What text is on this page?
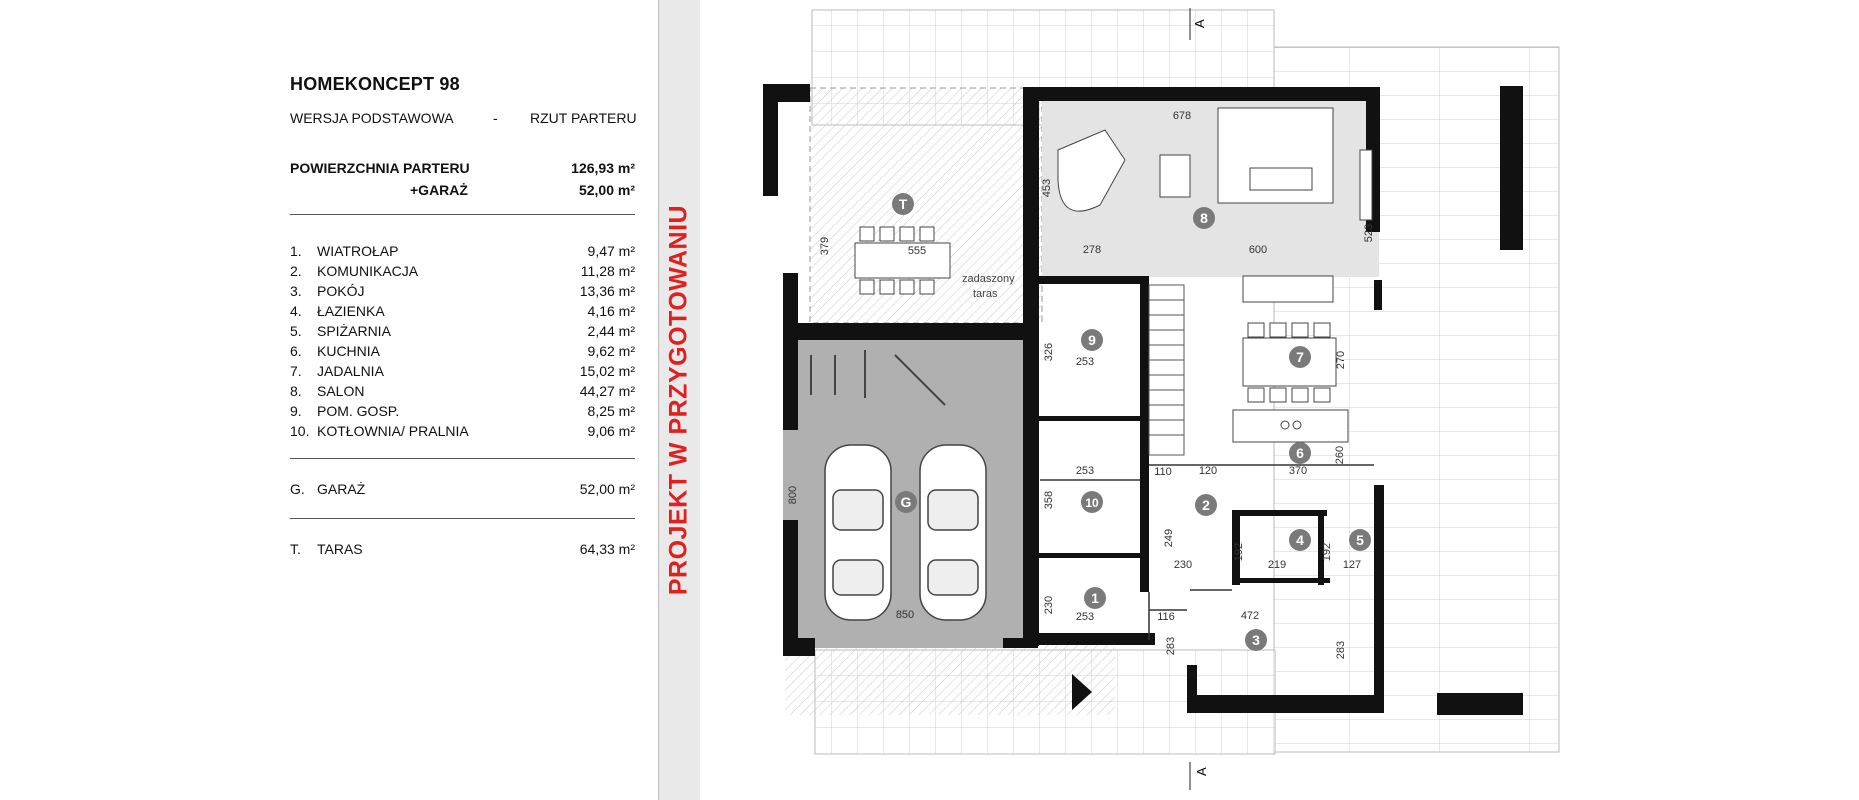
HOMEKONCEPT 98
WERSJA PODSTAWOWA	- RZUT PARTERU
POWIERZCHNIA PARTERU	126,93 m²
+GARAŻ	52,00 m²
1. WIATROŁAP	9,47 m²
2. KOMUNIKACJA	11,28 m²
3. POKÓJ	13,36 m²
4. ŁAZIENKA	4,16 m²
5. SPIŻARNIA	2,44 m²
6. KUCHNIA	9,62 m²
7. JADALNIA	15,02 m²
8. SALON	44,27 m²
9. POM. GOSP.	8,25 m²
10. KOTŁOWNIA/ PRALNIA	9,06 m²
G. GARAŻ	52,00 m²
T. TARAS	64,33 m² PROJEKT W PRZYGOTOWANIU
A
A
zadaszony
taras
1
2
3
4	5
6
7
8
9
10
G
T
678
453
523
278	600
379	555
326
253	270
253	110 120	370
260
358
800
249
192
219
192
127
230
850
230
253	116	472
283	283
